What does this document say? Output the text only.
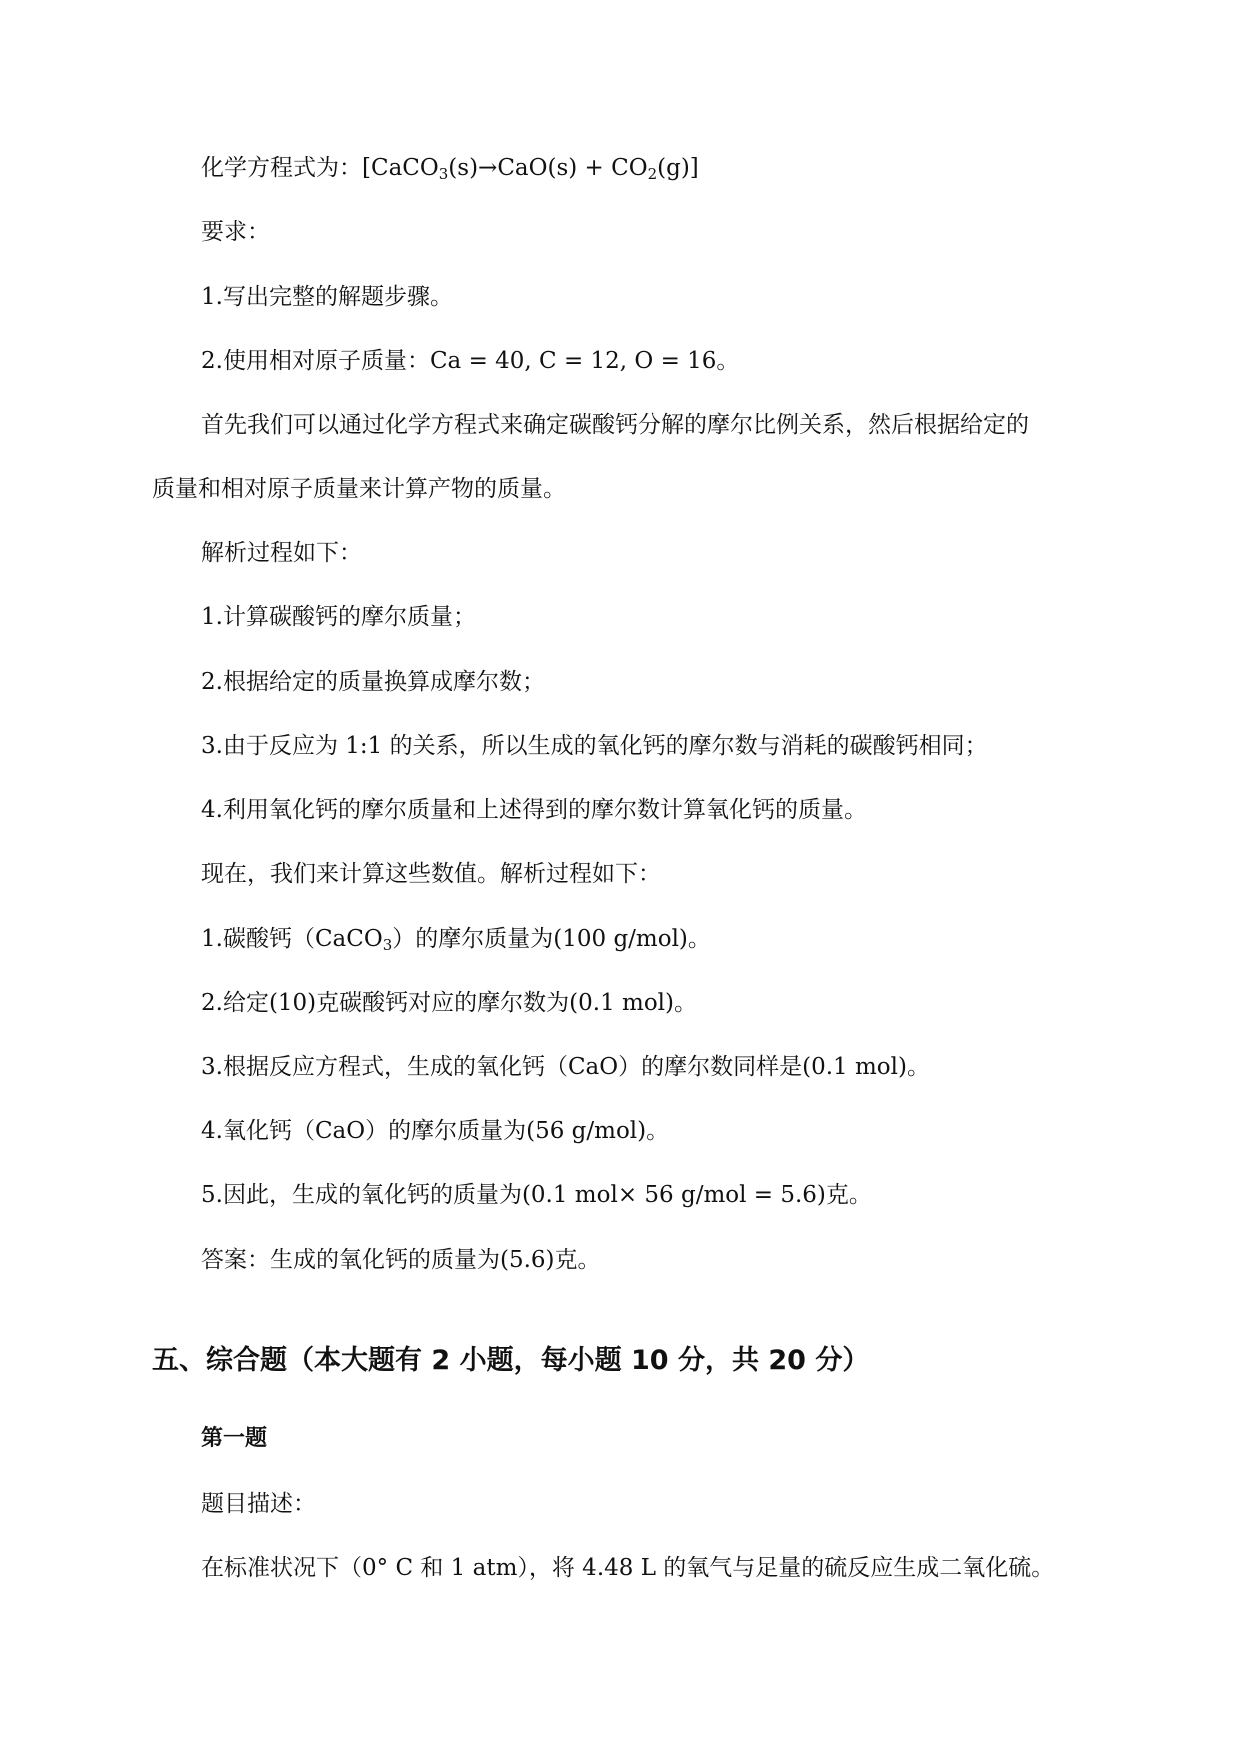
化学方程式为：[CaCO$_3$(s)→CaO(s) + $CO_2(g)$]
要求：
1.写出完整的解题步骤。
2.使用相对原子质量：Ca = 40, C = 12, O = 16。
首先我们可以通过化学方程式来确定碳酸钙分解的摩尔比例关系，然后根据给定的
质量和相对原子质量来计算产物的质量。
解析过程如下：
1.计算碳酸钙的摩尔质量；
2.根据给定的质量换算成摩尔数；
3.由于反应为 1:1 的关系，所以生成的氧化钙的摩尔数与消耗的碳酸钙相同；
4.利用氧化钙的摩尔质量和上述得到的摩尔数计算氧化钙的质量。
现在，我们来计算这些数值。解析过程如下：
1.碳酸钙（CaCO$_3$）的摩尔质量为(100 g/mol)。
2.给定(10)克碳酸钙对应的摩尔数为(0.1 mol)。
3.根据反应方程式，生成的氧化钙（CaO）的摩尔数同样是(0.1 mol)。
4.氧化钙（CaO）的摩尔质量为(56 g/mol)。
5.因此，生成的氧化钙的质量为(0.1 mol× 56 g/mol = 5.6)克。
答案：生成的氧化钙的质量为(5.6)克。
五、综合题（本大题有 2 小题，每小题 10 分，共 20 分）
第一题
题目描述：
在标准状况下（0° C 和 1 atm），将 4.48 L 的氧气与足量的硫反应生成二氧化硫。
